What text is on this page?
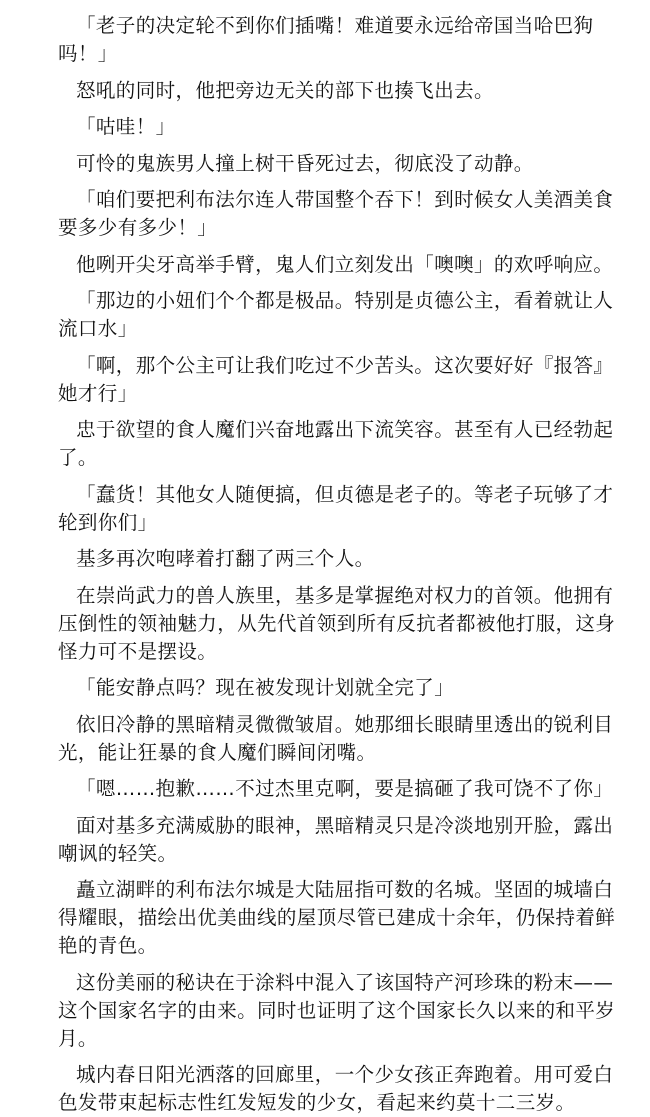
「老子的决定轮不到你们插嘴！难道要永远给帝国当哈巴狗吗！」

怒吼的同时，他把旁边无关的部下也揍飞出去。

「咕哇！」

可怜的鬼族男人撞上树干昏死过去，彻底没了动静。

「咱们要把利布法尔连人带国整个吞下！到时候女人美酒美食要多少有多少！」

他咧开尖牙高举手臂，鬼人们立刻发出「噢噢」的欢呼响应。

「那边的小妞们个个都是极品。特别是贞德公主，看着就让人流口水」

「啊，那个公主可让我们吃过不少苦头。这次要好好『报答』她才行」

忠于欲望的食人魔们兴奋地露出下流笑容。甚至有人已经勃起了。

「蠢货！其他女人随便搞，但贞德是老子的。等老子玩够了才轮到你们」

基多再次咆哮着打翻了两三个人。

在崇尚武力的兽人族里，基多是掌握绝对权力的首领。他拥有压倒性的领袖魅力，从先代首领到所有反抗者都被他打服，这身怪力可不是摆设。

「能安静点吗？现在被发现计划就全完了」

依旧冷静的黑暗精灵微微皱眉。她那细长眼睛里透出的锐利目光，能让狂暴的食人魔们瞬间闭嘴。

「嗯……抱歉……不过杰里克啊，要是搞砸了我可饶不了你」

面对基多充满威胁的眼神，黑暗精灵只是冷淡地别开脸，露出嘲讽的轻笑。

矗立湖畔的利布法尔城是大陆屈指可数的名城。坚固的城墙白得耀眼，描绘出优美曲线的屋顶尽管已建成十余年，仍保持着鲜艳的青色。

这份美丽的秘诀在于涂料中混入了该国特产河珍珠的粉末——这个国家名字的由来。同时也证明了这个国家长久以来的和平岁月。

城内春日阳光洒落的回廊里，一个少女孩正奔跑着。用可爱白色发带束起标志性红发短发的少女，看起来约莫十二三岁。
